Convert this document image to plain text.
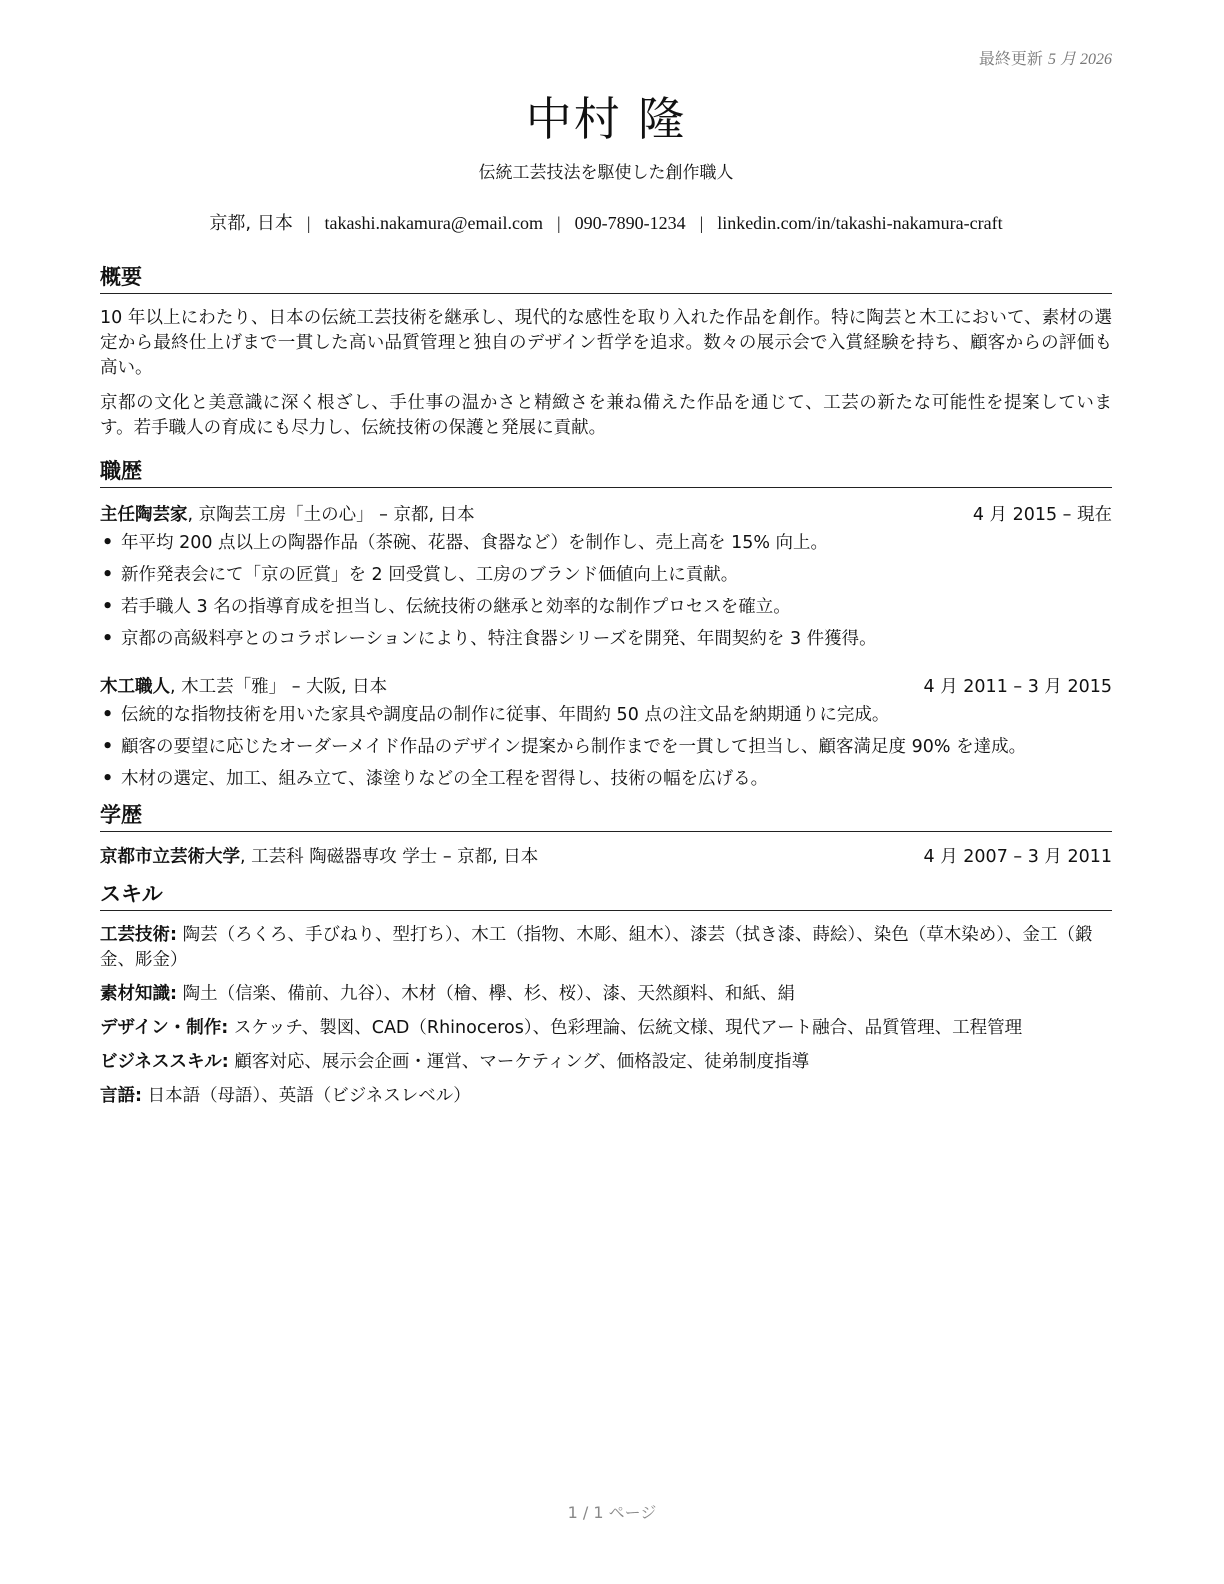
最終更新 5 月 2026
中村 隆
伝統工芸技法を駆使した創作職人
京都, 日本 | takashi.nakamura@email.com | 090-7890-1234 | linkedin.com/in/takashi-nakamura-craft
概要

10 年以上にわたり、日本の伝統工芸技術を継承し、現代的な感性を取り入れた作品を創作。特に陶芸と木工において、素材の選定から最終仕上げまで一貫した高い品質管理と独自のデザイン哲学を追求。数々の展示会で入賞経験を持ち、顧客からの評価も高い。

京都の文化と美意識に深く根ざし、手仕事の温かさと精緻さを兼ね備えた作品を通じて、工芸の新たな可能性を提案しています。若手職人の育成にも尽力し、伝統技術の保護と発展に貢献。

職歴
主任陶芸家, 京陶芸工房「土の心」 – 京都, 日本	4 月 2015 – 現在
• 年平均 200 点以上の陶器作品（茶碗、花器、食器など）を制作し、売上高を 15% 向上。
• 新作発表会にて「京の匠賞」を 2 回受賞し、工房のブランド価値向上に貢献。
• 若手職人 3 名の指導育成を担当し、伝統技術の継承と効率的な制作プロセスを確立。
• 京都の高級料亭とのコラボレーションにより、特注食器シリーズを開発、年間契約を 3 件獲得。
木工職人, 木工芸「雅」 – 大阪, 日本	4 月 2011 – 3 月 2015
• 伝統的な指物技術を用いた家具や調度品の制作に従事、年間約 50 点の注文品を納期通りに完成。
• 顧客の要望に応じたオーダーメイド作品のデザイン提案から制作までを一貫して担当し、顧客満足度 90% を達成。
• 木材の選定、加工、組み立て、漆塗りなどの全工程を習得し、技術の幅を広げる。
学歴
京都市立芸術大学, 工芸科 陶磁器専攻 学士 – 京都, 日本	4 月 2007 – 3 月 2011
スキル
工芸技術: 陶芸（ろくろ、手びねり、型打ち）、木工（指物、木彫、組木）、漆芸（拭き漆、蒔絵）、染色（草木染め）、金工（鍛金、彫金）
素材知識: 陶土（信楽、備前、九谷）、木材（檜、欅、杉、桜）、漆、天然顔料、和紙、絹
デザイン・制作: スケッチ、製図、CAD（Rhinoceros）、色彩理論、伝統文様、現代アート融合、品質管理、工程管理
ビジネススキル: 顧客対応、展示会企画・運営、マーケティング、価格設定、徒弟制度指導
言語: 日本語（母語）、英語（ビジネスレベル）
1 / 1 ページ
